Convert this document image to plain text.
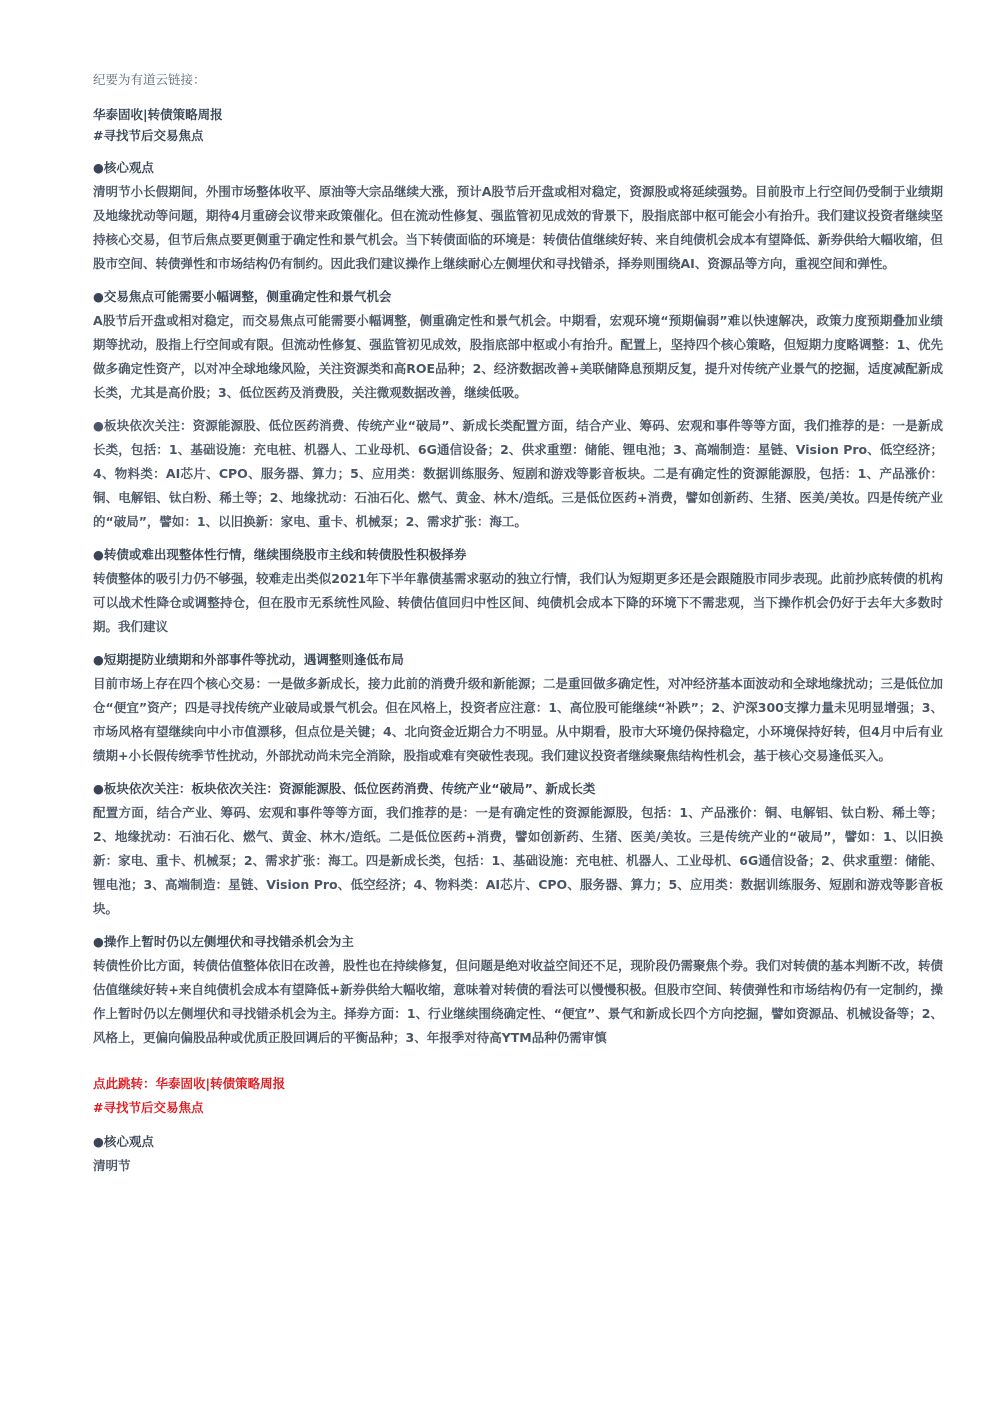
纪要为有道云链接：

华泰固收|转债策略周报

#寻找节后交易焦点

●核心观点

清明节小长假期间，外围市场整体收平、原油等大宗品继续大涨，预计A股节后开盘或相对稳定，资源股或将延续强势。目前股市上行空间仍受制于业绩期及地缘扰动等问题，期待4月重磅会议带来政策催化。但在流动性修复、强监管初见成效的背景下，股指底部中枢可能会小有抬升。我们建议投资者继续坚持核心交易，但节后焦点要更侧重于确定性和景气机会。当下转债面临的环境是：转债估值继续好转、来自纯债机会成本有望降低、新券供给大幅收缩，但股市空间、转债弹性和市场结构仍有制约。因此我们建议操作上继续耐心左侧埋伏和寻找错杀，择券则围绕AI、资源品等方向，重视空间和弹性。

●交易焦点可能需要小幅调整，侧重确定性和景气机会

A股节后开盘或相对稳定，而交易焦点可能需要小幅调整，侧重确定性和景气机会。中期看，宏观环境“预期偏弱”难以快速解决，政策力度预期叠加业绩期等扰动，股指上行空间或有限。但流动性修复、强监管初见成效，股指底部中枢或小有抬升。配置上，坚持四个核心策略，但短期力度略调整：1、优先做多确定性资产，以对冲全球地缘风险，关注资源类和高ROE品种；2、经济数据改善+美联储降息预期反复，提升对传统产业景气的挖掘，适度减配新成长类，尤其是高价股；3、低位医药及消费股，关注微观数据改善，继续低吸。

●板块依次关注：资源能源股、低位医药消费、传统产业“破局”、新成长类配置方面，结合产业、筹码、宏观和事件等等方面，我们推荐的是：一是新成长类，包括：1、基础设施：充电桩、机器人、工业母机、6G通信设备；2、供求重塑：储能、锂电池；3、高端制造：星链、Vision Pro、低空经济；4、物料类：AI芯片、CPO、服务器、算力；5、应用类：数据训练服务、短剧和游戏等影音板块。二是有确定性的资源能源股，包括：1、产品涨价：铜、电解铝、钛白粉、稀土等；2、地缘扰动：石油石化、燃气、黄金、林木/造纸。三是低位医药+消费，譬如创新药、生猪、医美/美妆。四是传统产业的“破局”，譬如：1、以旧换新：家电、重卡、机械泵；2、需求扩张：海工。

●转债或难出现整体性行情，继续围绕股市主线和转债股性积极择券

转债整体的吸引力仍不够强，较难走出类似2021年下半年靠债基需求驱动的独立行情，我们认为短期更多还是会跟随股市同步表现。此前抄底转债的机构可以战术性降仓或调整持仓，但在股市无系统性风险、转债估值回归中性区间、纯债机会成本下降的环境下不需悲观，当下操作机会仍好于去年大多数时期。我们建议

●短期提防业绩期和外部事件等扰动，遇调整则逢低布局

目前市场上存在四个核心交易：一是做多新成长，接力此前的消费升级和新能源；二是重回做多确定性，对冲经济基本面波动和全球地缘扰动；三是低位加仓“便宜”资产；四是寻找传统产业破局或景气机会。但在风格上，投资者应注意：1、高位股可能继续“补跌”；2、沪深300支撑力量未见明显增强；3、市场风格有望继续向中小市值漂移，但点位是关键；4、北向资金近期合力不明显。从中期看，股市大环境仍保持稳定，小环境保持好转，但4月中后有业绩期+小长假传统季节性扰动，外部扰动尚未完全消除，股指或难有突破性表现。我们建议投资者继续聚焦结构性机会，基于核心交易逢低买入。

●板块依次关注：板块依次关注：资源能源股、低位医药消费、传统产业“破局”、新成长类

配置方面，结合产业、筹码、宏观和事件等等方面，我们推荐的是：一是有确定性的资源能源股，包括：1、产品涨价：铜、电解铝、钛白粉、稀土等；2、地缘扰动：石油石化、燃气、黄金、林木/造纸。二是低位医药+消费，譬如创新药、生猪、医美/美妆。三是传统产业的“破局”，譬如：1、以旧换新：家电、重卡、机械泵；2、需求扩张：海工。四是新成长类，包括：1、基础设施：充电桩、机器人、工业母机、6G通信设备；2、供求重塑：储能、锂电池；3、高端制造：星链、Vision Pro、低空经济；4、物料类：AI芯片、CPO、服务器、算力；5、应用类：数据训练服务、短剧和游戏等影音板块。

●操作上暂时仍以左侧埋伏和寻找错杀机会为主

转债性价比方面，转债估值整体依旧在改善，股性也在持续修复，但问题是绝对收益空间还不足，现阶段仍需聚焦个券。我们对转债的基本判断不改，转债估值继续好转+来自纯债机会成本有望降低+新券供给大幅收缩，意味着对转债的看法可以慢慢积极。但股市空间、转债弹性和市场结构仍有一定制约，操作上暂时仍以左侧埋伏和寻找错杀机会为主。择券方面：1、行业继续围绕确定性、“便宜”、景气和新成长四个方向挖掘，譬如资源品、机械设备等；2、风格上，更偏向偏股品种或优质正股回调后的平衡品种；3、年报季对待高YTM品种仍需审慎

点此跳转：华泰固收|转债策略周报

#寻找节后交易焦点

●核心观点

清明节
